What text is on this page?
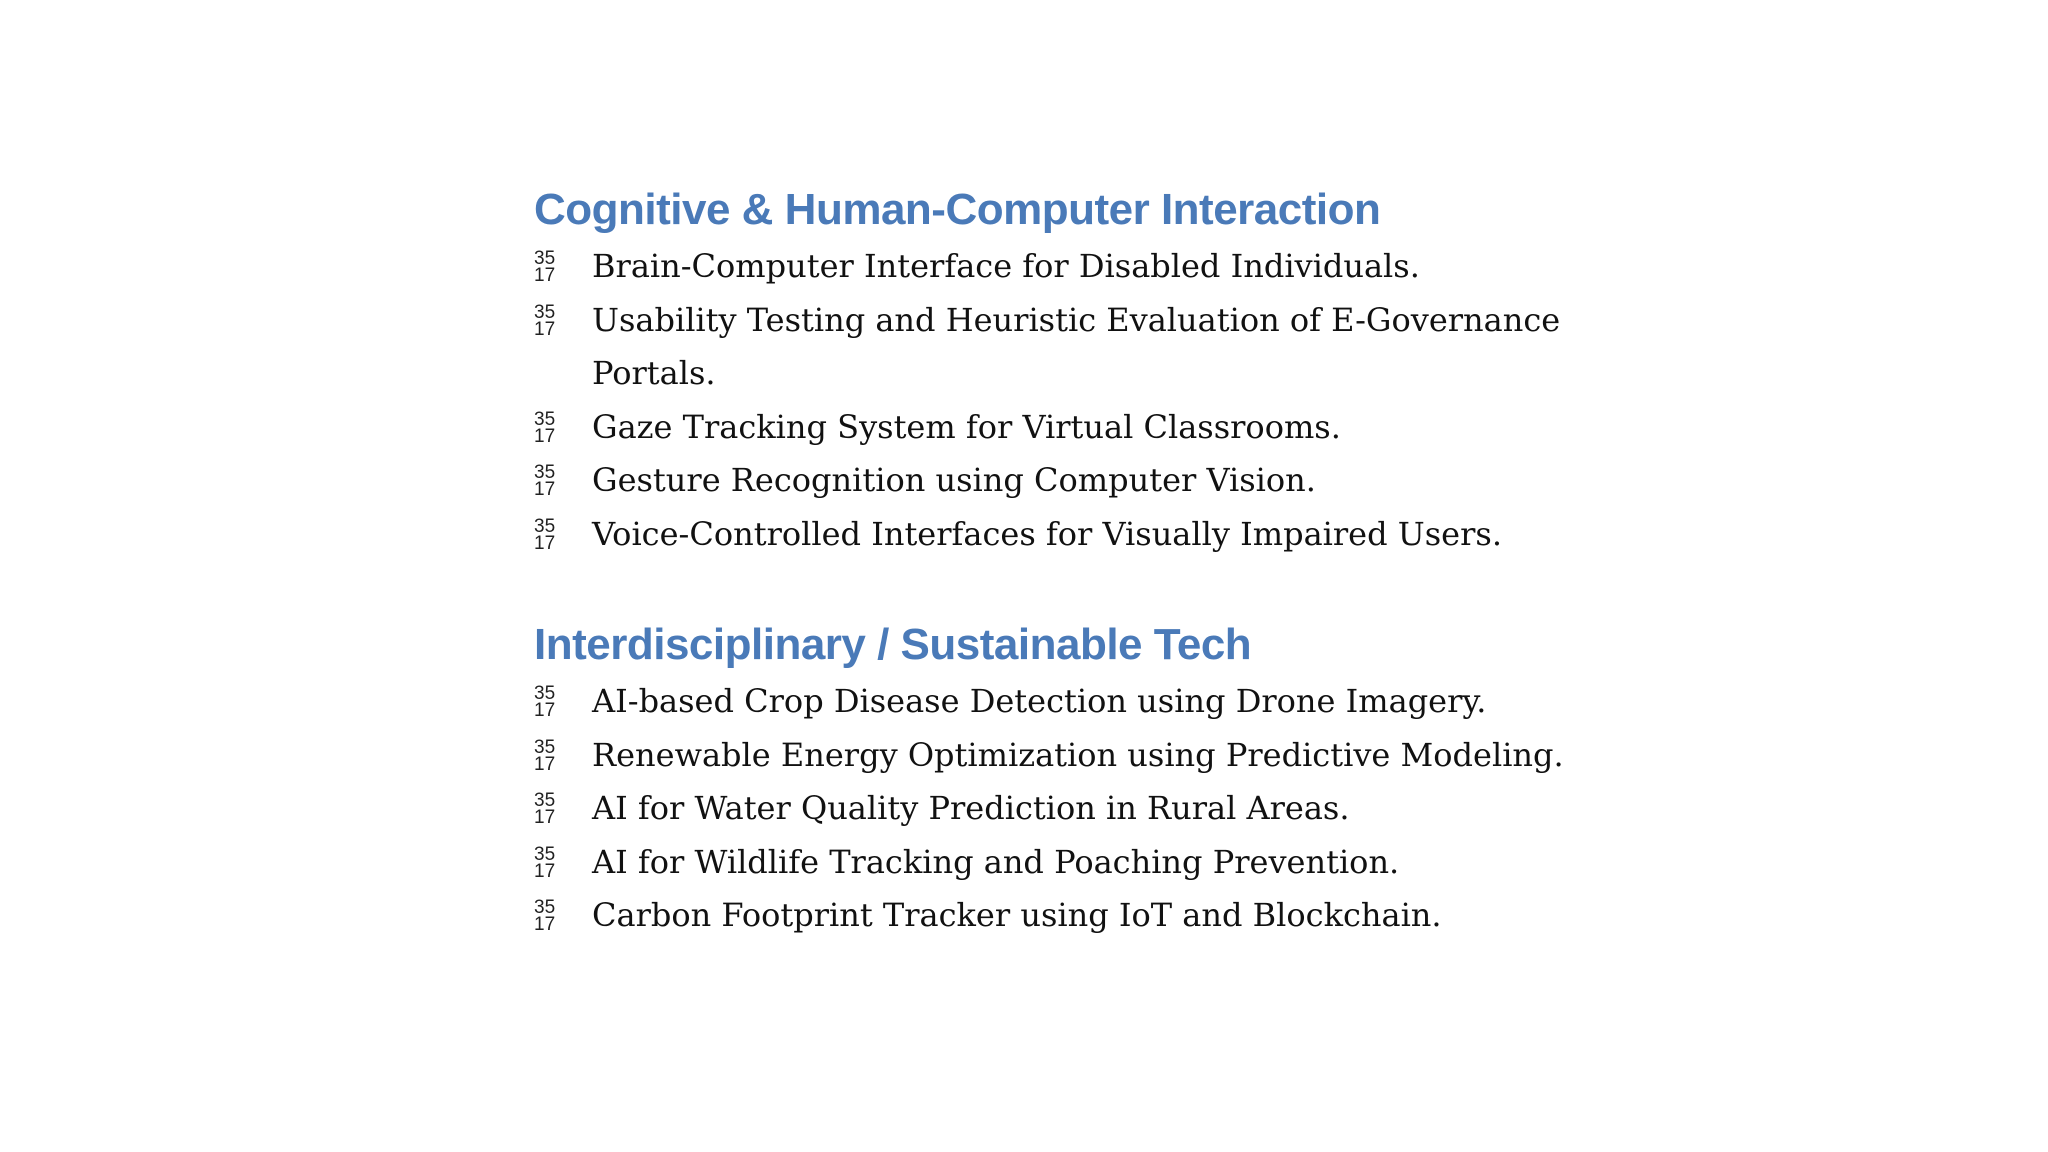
Cognitive & Human-Computer Interaction
35
17 Brain-Computer Interface for Disabled Individuals.
35
17 Usability Testing and Heuristic Evaluation of E-Governance Portals.
35
17 Gaze Tracking System for Virtual Classrooms.
35
17 Gesture Recognition using Computer Vision.
35
17 Voice-Controlled Interfaces for Visually Impaired Users.
Interdisciplinary / Sustainable Tech
35
17 AI-based Crop Disease Detection using Drone Imagery.
35
17 Renewable Energy Optimization using Predictive Modeling.
35
17 AI for Water Quality Prediction in Rural Areas.
35
17 AI for Wildlife Tracking and Poaching Prevention.
35
17 Carbon Footprint Tracker using IoT and Blockchain.
